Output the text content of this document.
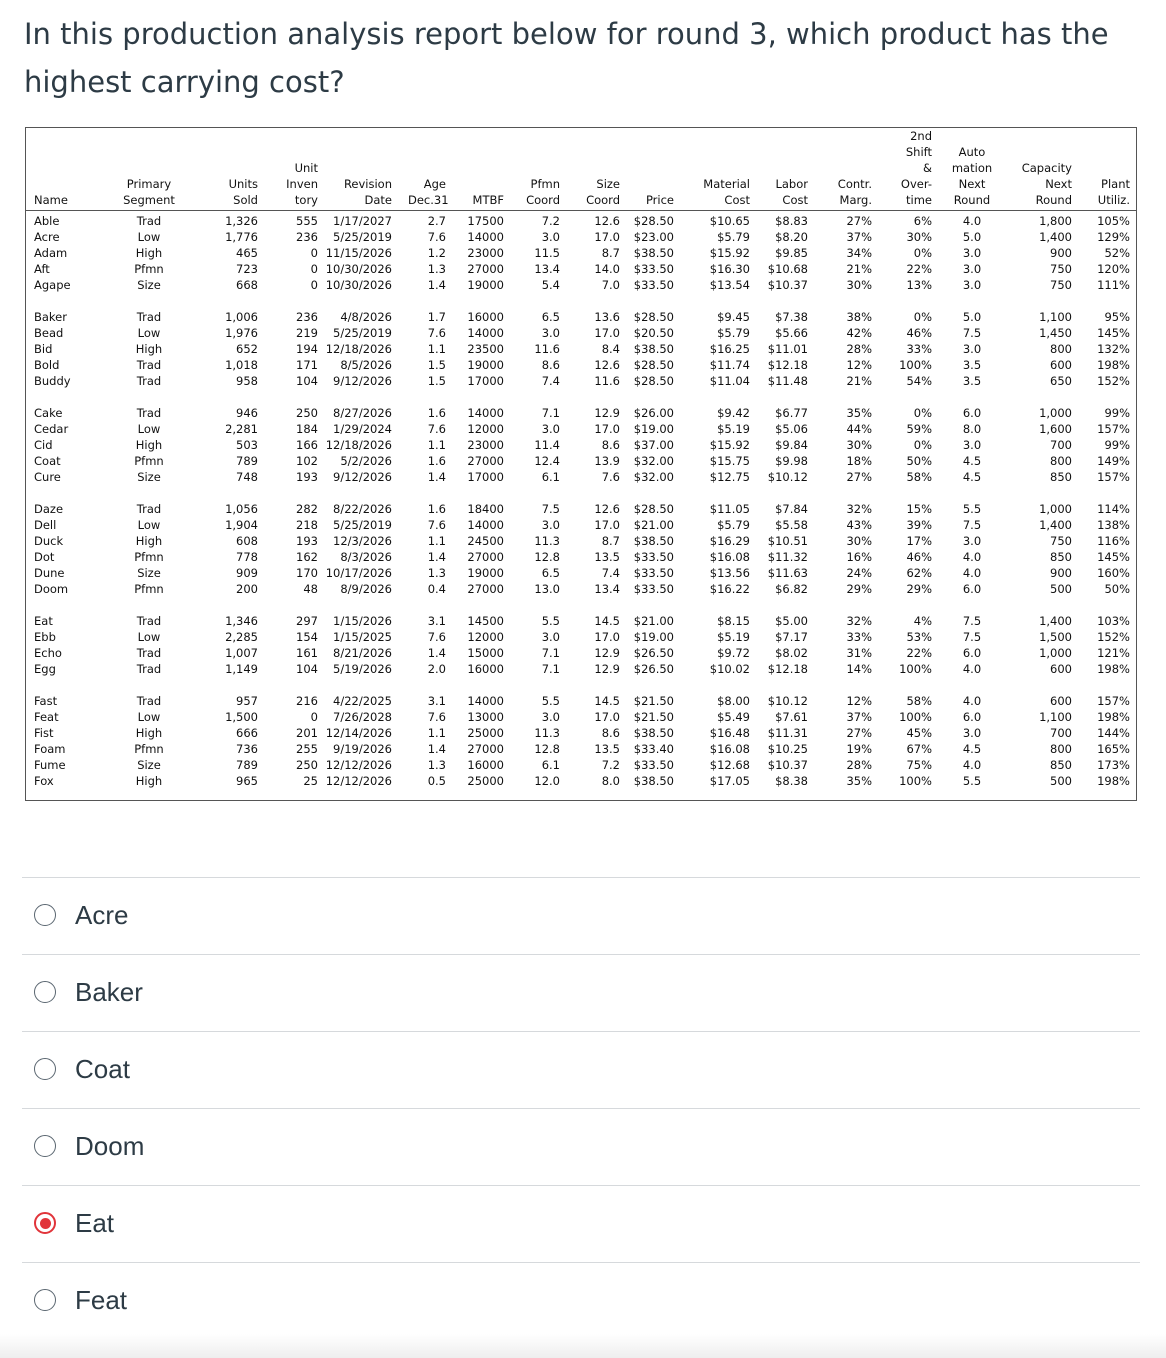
In this production analysis report below for round 3, which product has the highest carrying cost?
Name
Primary
Segment
Units
Sold
Unit
Inven
tory
Revision
Date
Age
Dec.31	MTBF
Pfmn
Coord
Size
Coord	Price
Material
Cost
Labor
Cost
Contr.
Marg.
2nd
Shift
&
Over-
time
Auto
mation
Next
Round
Capacity
Next
Round
Plant
Utiliz.
Able
Acre
Adam
Aft
Agape
Baker
Bead
Bid
Bold
Buddy
Cake
Cedar
Cid
Coat
Cure
Daze
Dell
Duck
Dot
Dune
Doom
Eat
Ebb
Echo
Egg
Fast
Feat
Fist
Foam
Fume
Fox
Trad
Low
High
Pfmn
Size
Trad
Low
High
Trad
Trad
Trad
Low
High
Pfmn
Size
Trad
Low
High
Pfmn
Size
Pfmn
Trad
Low
Trad
Trad
Trad
Low
High
Pfmn
Size
High
1,326
1,776
465
723
668
1,006
1,976
652
1,018
958
946
2,281
503
789
748
1,056
1,904
608
778
909
200
1,346
2,285
1,007
1,149
957
1,500
666
736
789
965
555
236
0
0
0
236
219
194
171
104
250
184
166
102
193
282
218
193
162
170
48
297
154
161
104
216
0
201
255
250
25
1/17/2027
5/25/2019
11/15/2026
10/30/2026
10/30/2026
4/8/2026
5/25/2019
12/18/2026
8/5/2026
9/12/2026
8/27/2026
1/29/2024
12/18/2026
5/2/2026
9/12/2026
8/22/2026
5/25/2019
12/3/2026
8/3/2026
10/17/2026
8/9/2026
1/15/2026
1/15/2025
8/21/2026
5/19/2026
4/22/2025
7/26/2028
12/14/2026
9/19/2026
12/12/2026
12/12/2026
2.7
7.6
1.2
1.3
1.4
1.7
7.6
1.1
1.5
1.5
1.6
7.6
1.1
1.6
1.4
1.6
7.6
1.1
1.4
1.3
0.4
3.1
7.6
1.4
2.0
3.1
7.6
1.1
1.4
1.3
0.5
17500
14000
23000
27000
19000
16000
14000
23500
19000
17000
14000
12000
23000
27000
17000
18400
14000
24500
27000
19000
27000
14500
12000
15000
16000
14000
13000
25000
27000
16000
25000
7.2
3.0
11.5
13.4
5.4
6.5
3.0
11.6
8.6
7.4
7.1
3.0
11.4
12.4
6.1
7.5
3.0
11.3
12.8
6.5
13.0
5.5
3.0
7.1
7.1
5.5
3.0
11.3
12.8
6.1
12.0
12.6
17.0
8.7
14.0
7.0
13.6
17.0
8.4
12.6
11.6
12.9
17.0
8.6
13.9
7.6
12.6
17.0
8.7
13.5
7.4
13.4
14.5
17.0
12.9
12.9
14.5
17.0
8.6
13.5
7.2
8.0
$28.50
$23.00
$38.50
$33.50
$33.50
$28.50
$20.50
$38.50
$28.50
$28.50
$26.00
$19.00
$37.00
$32.00
$32.00
$28.50
$21.00
$38.50
$33.50
$33.50
$33.50
$21.00
$19.00
$26.50
$26.50
$21.50
$21.50
$38.50
$33.40
$33.50
$38.50
$10.65
$5.79
$15.92
$16.30
$13.54
$9.45
$5.79
$16.25
$11.74
$11.04
$9.42
$5.19
$15.92
$15.75
$12.75
$11.05
$5.79
$16.29
$16.08
$13.56
$16.22
$8.15
$5.19
$9.72
$10.02
$8.00
$5.49
$16.48
$16.08
$12.68
$17.05
$8.83
$8.20
$9.85
$10.68
$10.37
$7.38
$5.66
$11.01
$12.18
$11.48
$6.77
$5.06
$9.84
$9.98
$10.12
$7.84
$5.58
$10.51
$11.32
$11.63
$6.82
$5.00
$7.17
$8.02
$12.18
$10.12
$7.61
$11.31
$10.25
$10.37
$8.38
27%
37%
34%
21%
30%
38%
42%
28%
12%
21%
35%
44%
30%
18%
27%
32%
43%
30%
16%
24%
29%
32%
33%
31%
14%
12%
37%
27%
19%
28%
35%
6%
30%
0%
22%
13%
0%
46%
33%
100%
54%
0%
59%
0%
50%
58%
15%
39%
17%
46%
62%
29%
4%
53%
22%
100%
58%
100%
45%
67%
75%
100%
4.0
5.0
3.0
3.0
3.0
5.0
7.5
3.0
3.5
3.5
6.0
8.0
3.0
4.5
4.5
5.5
7.5
3.0
4.0
4.0
6.0
7.5
7.5
6.0
4.0
4.0
6.0
3.0
4.5
4.0
5.5
1,800
1,400
900
750
750
1,100
1,450
800
600
650
1,000
1,600
700
800
850
1,000
1,400
750
850
900
500
1,400
1,500
1,000
600
600
1,100
700
800
850
500
105%
129%
52%
120%
111%
95%
145%
132%
198%
152%
99%
157%
99%
149%
157%
114%
138%
116%
145%
160%
50%
103%
152%
121%
198%
157%
198%
144%
165%
173%
198%
Acre
Baker
Coat
Doom
Eat
Feat
